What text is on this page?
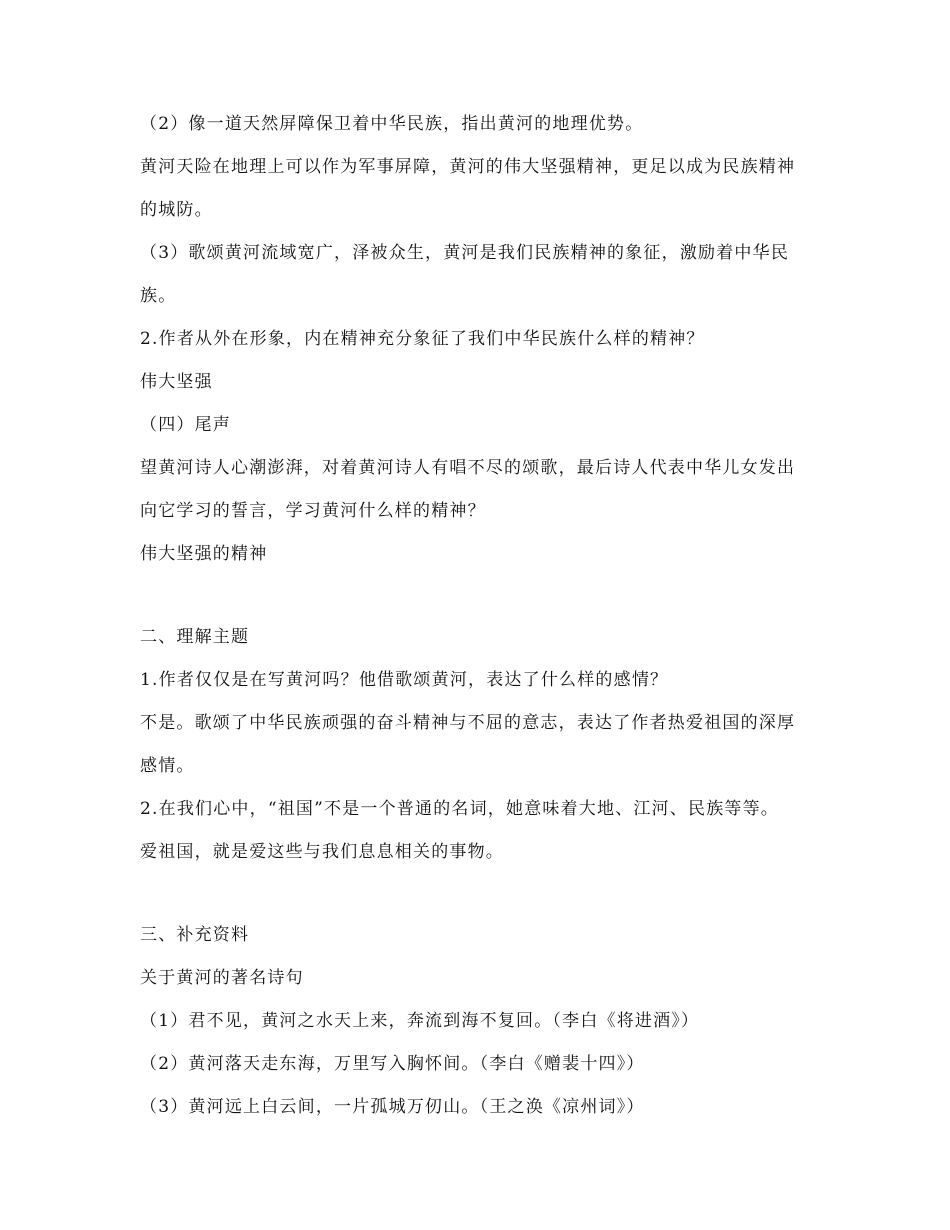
（2）像一道天然屏障保卫着中华民族，指出黄河的地理优势。
黄河天险在地理上可以作为军事屏障，黄河的伟大坚强精神，更足以成为民族精神
的城防。
（3）歌颂黄河流域宽广，泽被众生，黄河是我们民族精神的象征，激励着中华民
族。
2.作者从外在形象，内在精神充分象征了我们中华民族什么样的精神？
伟大坚强
（四）尾声
望黄河诗人心潮澎湃，对着黄河诗人有唱不尽的颂歌，最后诗人代表中华儿女发出
向它学习的誓言，学习黄河什么样的精神？
伟大坚强的精神
二、理解主题
1.作者仅仅是在写黄河吗？他借歌颂黄河，表达了什么样的感情？
不是。歌颂了中华民族顽强的奋斗精神与不屈的意志，表达了作者热爱祖国的深厚
感情。
2.在我们心中，“祖国”不是一个普通的名词，她意味着大地、江河、民族等等。
爱祖国，就是爱这些与我们息息相关的事物。
三、补充资料
关于黄河的著名诗句
（1）君不见，黄河之水天上来，奔流到海不复回。（李白《将进酒》）
（2）黄河落天走东海，万里写入胸怀间。（李白《赠裴十四》）
（3）黄河远上白云间，一片孤城万仞山。（王之涣《凉州词》）
